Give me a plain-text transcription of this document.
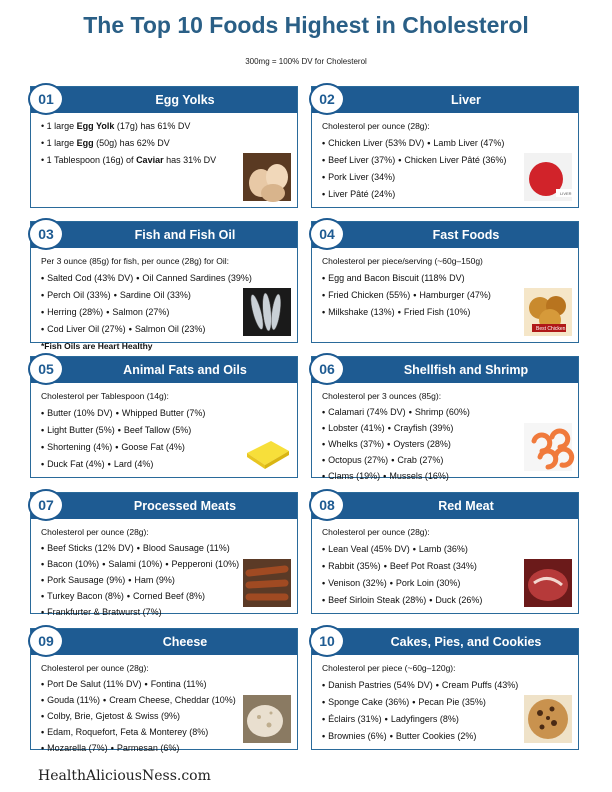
The Top 10 Foods Highest in Cholesterol
300mg = 100% DV for Cholesterol
Egg Yolks
• 1 large Egg Yolk (17g) has 61% DV
• 1 large Egg (50g) has 62% DV
• 1 Tablespoon (16g) of Caviar has 31% DV
01	Liver
Cholesterol per ounce (28g):
• Chicken Liver (53% DV) • Lamb Liver (47%)
• Beef Liver (37%) • Chicken Liver Pâté (36%)
• Pork Liver (34%)
• Liver Pâté (24%)	LIVER
02
Fish and Fish Oil
Per 3 ounce (85g) for fish, per ounce (28g) for Oil:
• Salted Cod (43% DV) • Oil Canned Sardines (39%)
• Perch Oil (33%) • Sardine Oil (33%)
• Herring (28%) • Salmon (27%)
• Cod Liver Oil (27%) • Salmon Oil (23%)
*Fish Oils are Heart Healthy
03	Fast Foods
Cholesterol per piece/serving (~60g–150g)
• Egg and Bacon Biscuit (118% DV)
• Fried Chicken (55%) • Hamburger (47%)
• Milkshake (13%) • Fried Fish (10%)
Best Chicken
04
Animal Fats and Oils
Cholesterol per Tablespoon (14g):
• Butter (10% DV) • Whipped Butter (7%)
• Light Butter (5%) • Beef Tallow (5%)
• Shortening (4%) • Goose Fat (4%)
• Duck Fat (4%) • Lard (4%)
05	Shellfish and Shrimp
Cholesterol per 3 ounces (85g):
• Calamari (74% DV) • Shrimp (60%)
• Lobster (41%) • Crayfish (39%)
• Whelks (37%) • Oysters (28%)
• Octopus (27%) • Crab (27%)
• Clams (19%) • Mussels (16%)
06
Processed Meats
Cholesterol per ounce (28g):
• Beef Sticks (12% DV) • Blood Sausage (11%)
• Bacon (10%) • Salami (10%) • Pepperoni (10%)
• Pork Sausage (9%) • Ham (9%)
• Turkey Bacon (8%) • Corned Beef (8%)
• Frankfurter & Bratwurst (7%)
07	Red Meat
Cholesterol per ounce (28g):
• Lean Veal (45% DV) • Lamb (36%)
• Rabbit (35%) • Beef Pot Roast (34%)
• Venison (32%) • Pork Loin (30%)
• Beef Sirloin Steak (28%) • Duck (26%)
08
Cheese
Cholesterol per ounce (28g):
• Port De Salut (11% DV) • Fontina (11%)
• Gouda (11%) • Cream Cheese, Cheddar (10%)
• Colby, Brie, Gjetost & Swiss (9%)
• Edam, Roquefort, Feta & Monterey (8%)
• Mozarella (7%) • Parmesan (6%)
09	Cakes, Pies, and Cookies
Cholesterol per piece (~60g–120g):
• Danish Pastries (54% DV) • Cream Puffs (43%)
• Sponge Cake (36%) • Pecan Pie (35%)
• Éclairs (31%) • Ladyfingers (8%)
• Brownies (6%) • Butter Cookies (2%)
10
HealthAliciousNess.com
